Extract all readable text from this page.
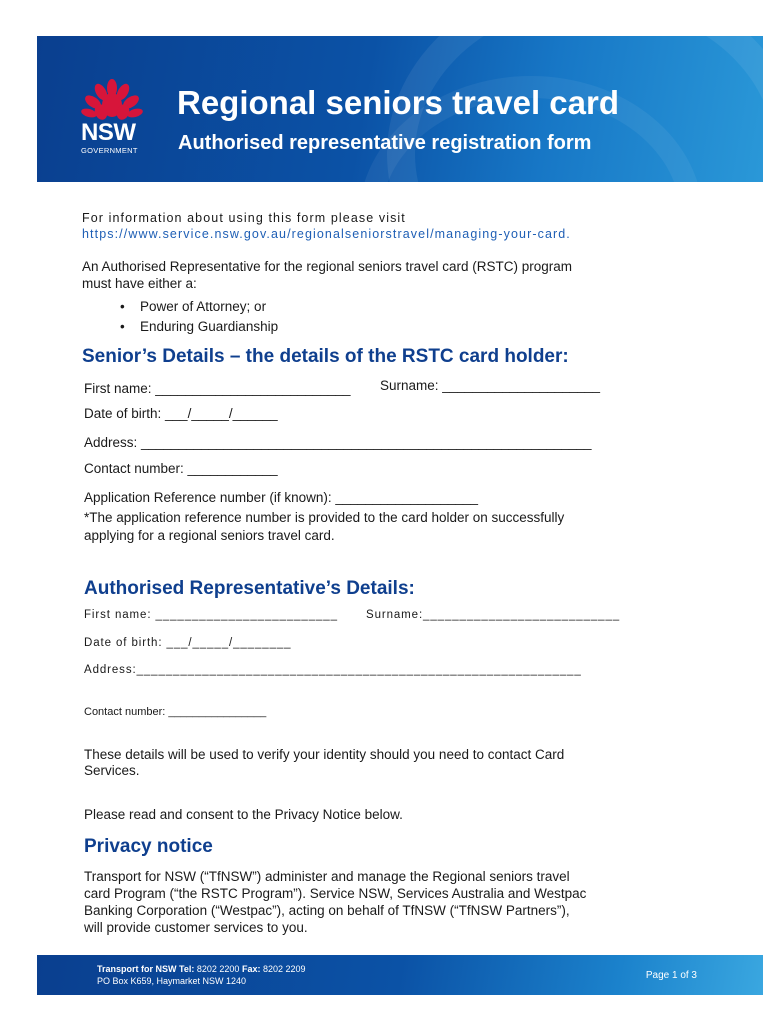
NSW
GOVERNMENT
Regional seniors travel card
Authorised representative registration form
For information about using this form please visit
https://www.service.nsw.gov.au/regionalseniorstravel/managing-your-card.
An Authorised Representative for the regional seniors travel card (RSTC) program
must have either a:
• Power of Attorney; or
• Enduring Guardianship
Senior’s Details – the details of the RSTC card holder:
First name: __________________________ Surname: _____________________
Date of birth: ___/_____/______
Address: ____________________________________________________________
Contact number: ____________
Application Reference number (if known): ___________________
*The application reference number is provided to the card holder on successfully
applying for a regional seniors travel card.
Authorised Representative’s Details:
First name: _________________________ Surname:___________________________
Date of birth: ___/_____/________
Address:_____________________________________________________________
Contact number: ________________
These details will be used to verify your identity should you need to contact Card
Services.
Please read and consent to the Privacy Notice below.
Privacy notice
Transport for NSW (“TfNSW”) administer and manage the Regional seniors travel
card Program (“the RSTC Program”). Service NSW, Services Australia and Westpac
Banking Corporation (“Westpac”), acting on behalf of TfNSW (“TfNSW Partners”),
will provide customer services to you.
Transport for NSW Tel: 8202 2200 Fax: 8202 2209
PO Box K659, Haymarket NSW 1240	Page 1 of 3
